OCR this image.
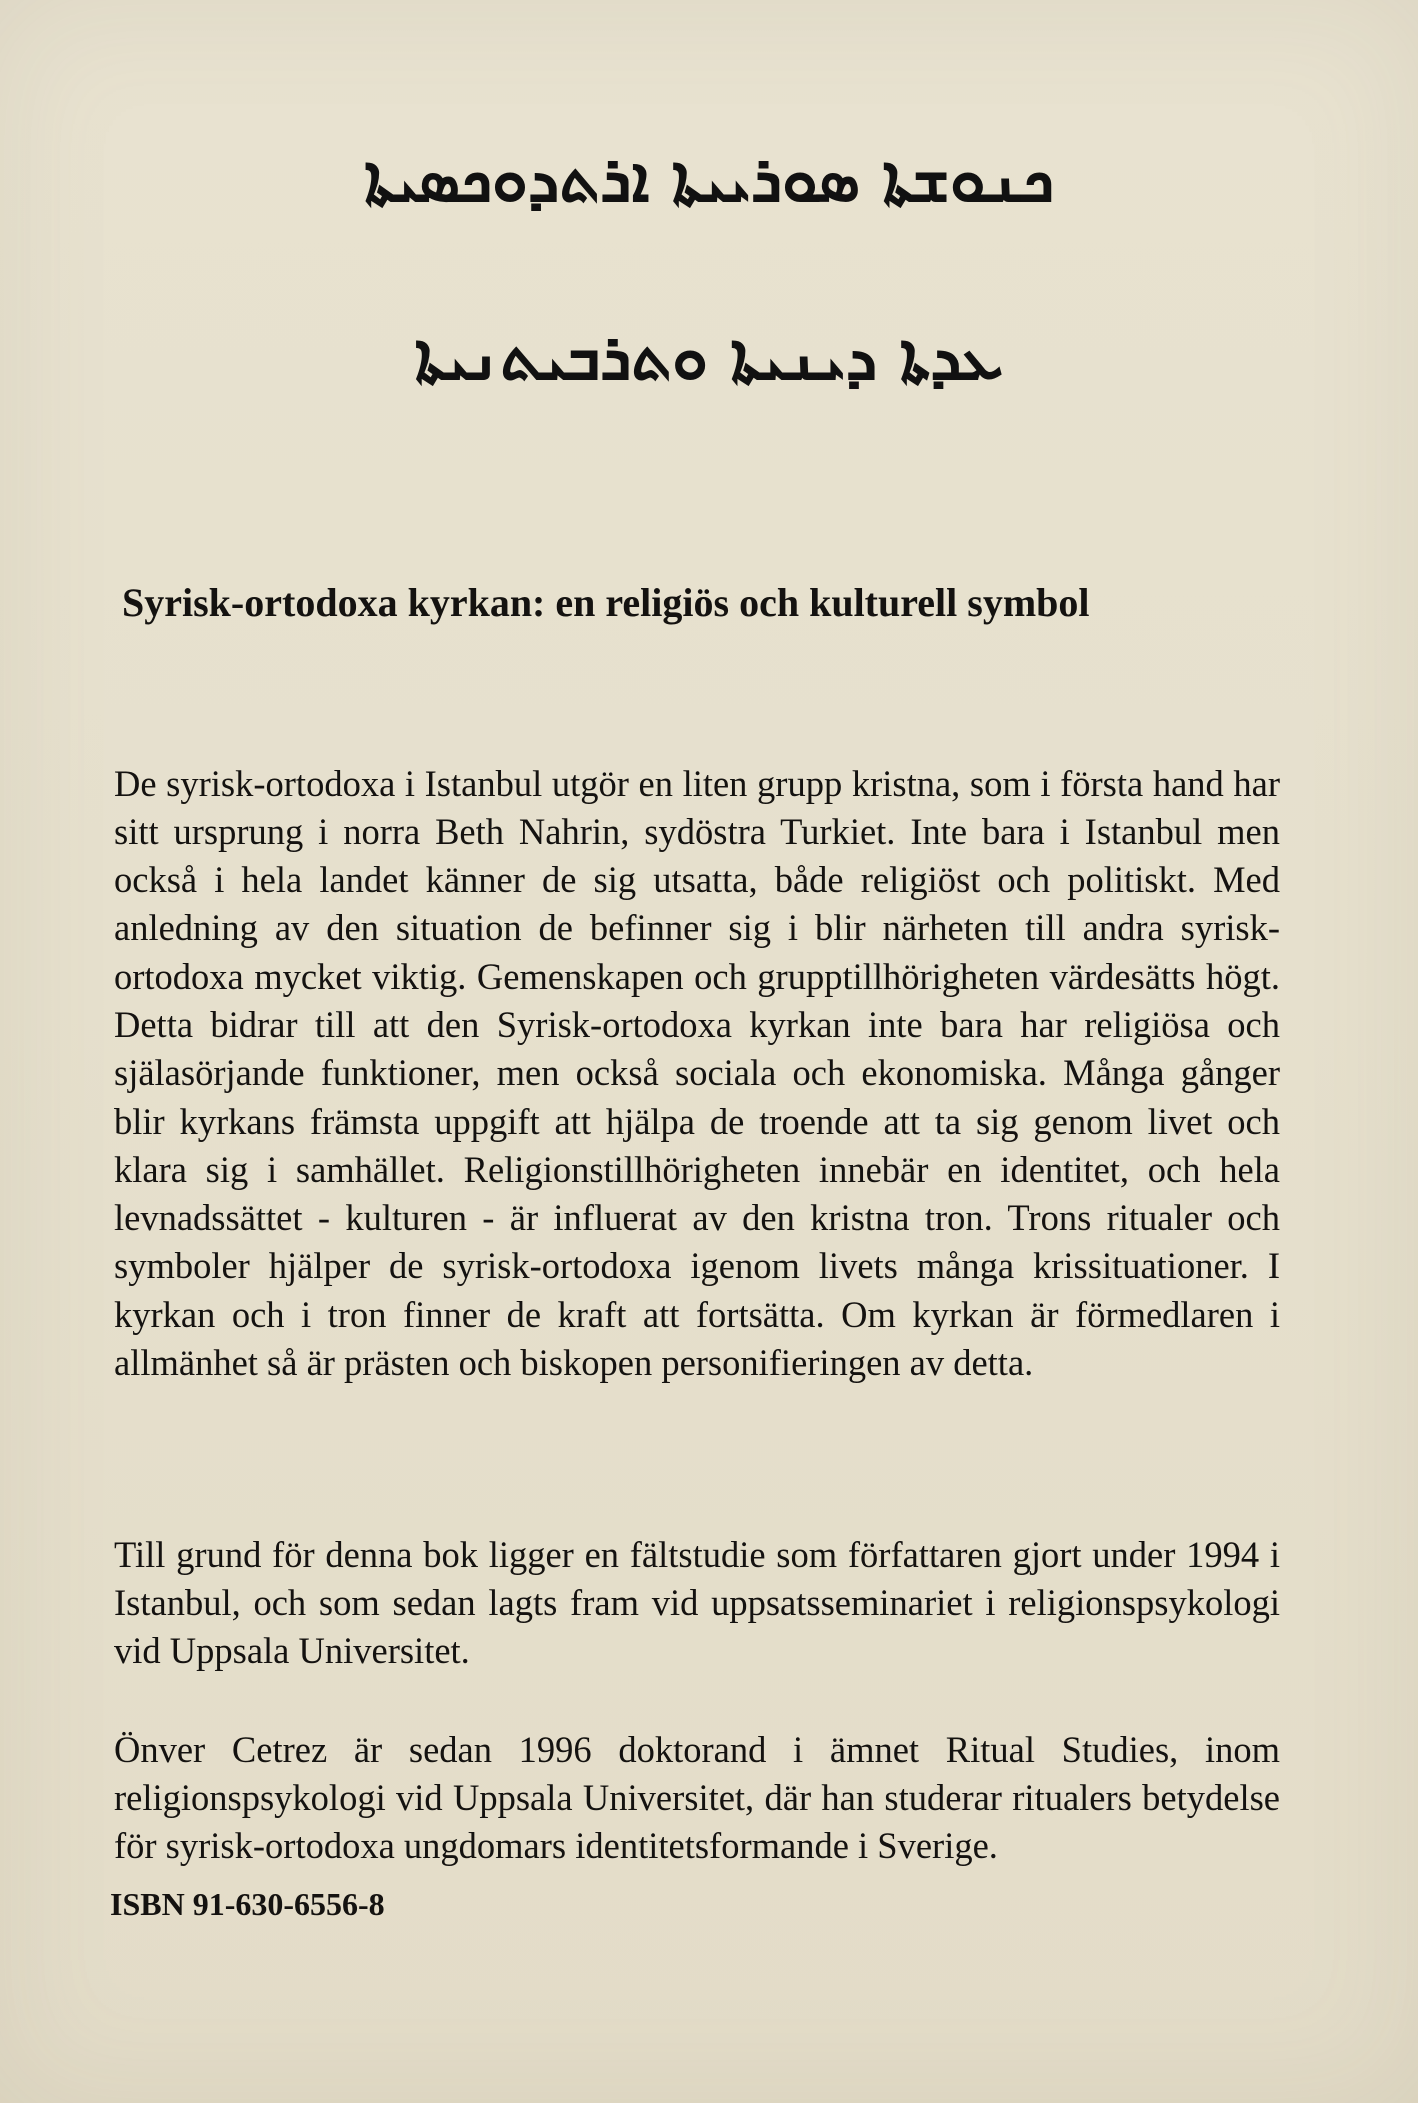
ܟܢܘܫܬܐ ܣܘܪܝܝܬܐ ܐܪܬܕܘܟܣܝܬܐ
ܥܕܬܐ ܕܝܢܝܬܐ ܘܬܪܒܝܬܢܝܬܐ
Syrisk-ortodoxa kyrkan: en religiös och kulturell symbol

De syrisk-ortodoxa i Istanbul utgör en liten grupp kristna, som i första hand har sitt ursprung i norra Beth Nahrin, sydöstra Turkiet. Inte bara i Istanbul men också i hela landet känner de sig utsatta, både religiöst och politiskt. Med anledning av den situation de befinner sig i blir närheten till andra syrisk-ortodoxa mycket viktig. Gemenskapen och grupptillhörigheten värdesätts högt. Detta bidrar till att den Syrisk-ortodoxa kyrkan inte bara har religiösa och själasörjande funktioner, men också sociala och ekonomiska. Många gånger blir kyrkans främsta uppgift att hjälpa de troende att ta sig genom livet och klara sig i samhället. Religionstillhörigheten innebär en identitet, och hela levnadssättet - kulturen - är influerat av den kristna tron. Trons ritualer och symboler hjälper de syrisk-ortodoxa igenom livets många krissituationer. I kyrkan och i tron finner de kraft att fortsätta. Om kyrkan är förmedlaren i allmänhet så är prästen och biskopen personifieringen av detta.

Till grund för denna bok ligger en fältstudie som författaren gjort under 1994 i Istanbul, och som sedan lagts fram vid uppsatsseminariet i religionspsykologi vid Uppsala Universitet.

Önver Cetrez är sedan 1996 doktorand i ämnet Ritual Studies, inom religionspsykologi vid Uppsala Universitet, där han studerar ritualers betydelse för syrisk-ortodoxa ungdomars identitetsformande i Sverige.

ISBN 91-630-6556-8
